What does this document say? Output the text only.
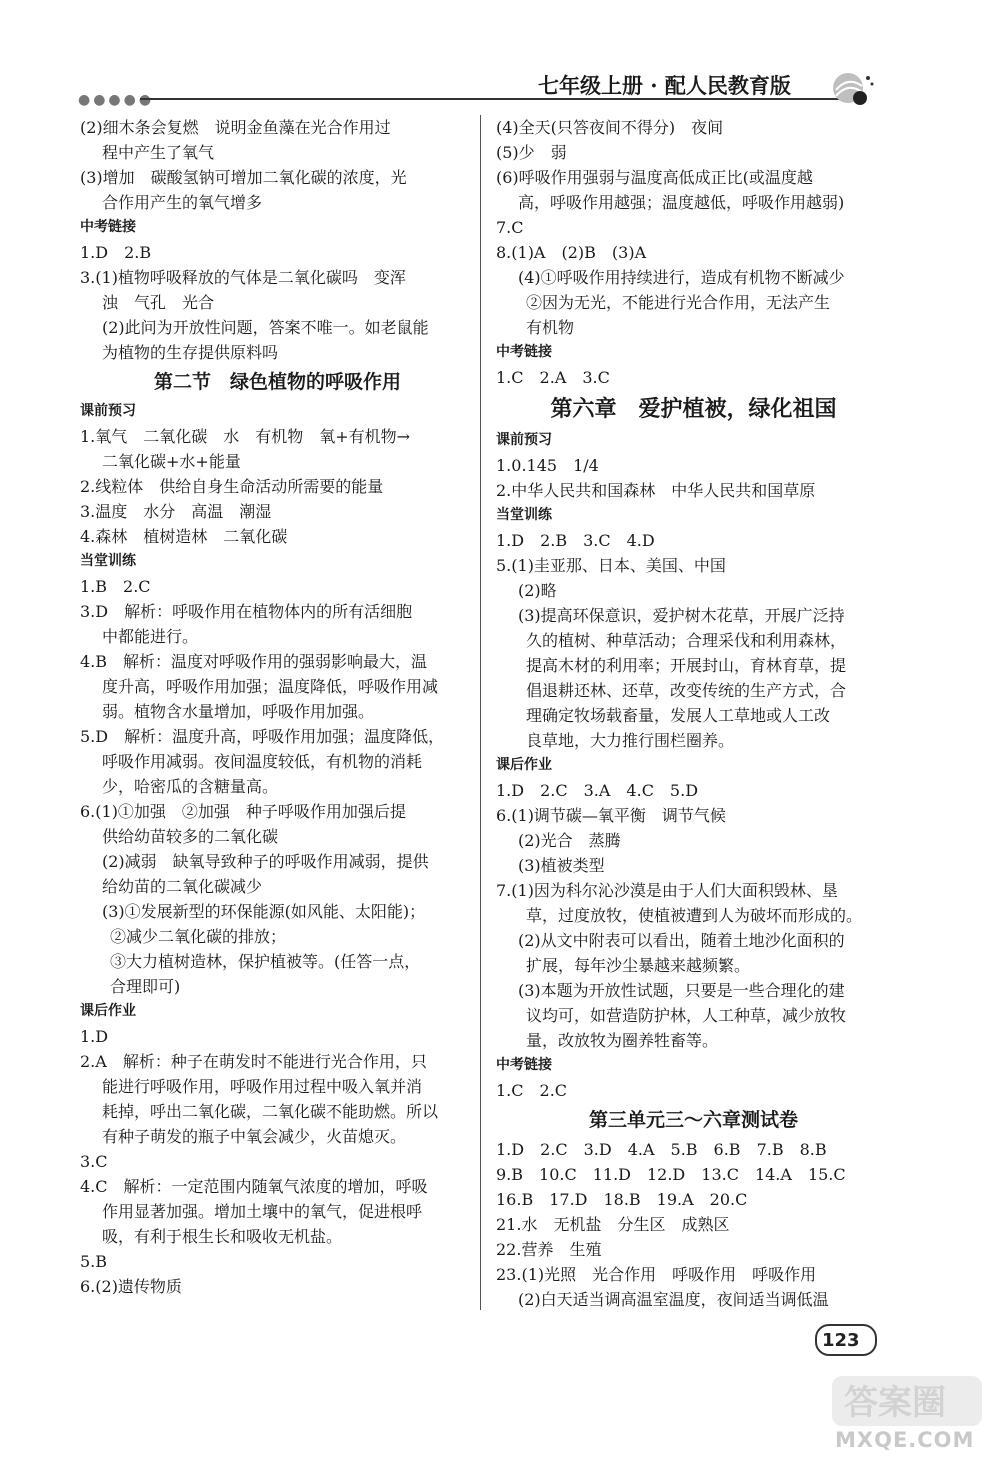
●●●●●
七年级上册 · 配人民教育版
(2)细木条会复燃　说明金鱼藻在光合作用过
程中产生了氧气
(3)增加　碳酸氢钠可增加二氧化碳的浓度，光
合作用产生的氧气增多
中考链接
1.D　2.B
3.(1)植物呼吸释放的气体是二氧化碳吗　变浑
浊　气孔　光合
(2)此问为开放性问题，答案不唯一。如老鼠能
为植物的生存提供原料吗
第二节　绿色植物的呼吸作用
课前预习
1.氧气　二氧化碳　水　有机物　氧+有机物→
二氧化碳+水+能量
2.线粒体　供给自身生命活动所需要的能量
3.温度　水分　高温　潮湿
4.森林　植树造林　二氧化碳
当堂训练
1.B　2.C
3.D　解析：呼吸作用在植物体内的所有活细胞
中都能进行。
4.B　解析：温度对呼吸作用的强弱影响最大，温
度升高，呼吸作用加强；温度降低，呼吸作用减
弱。植物含水量增加，呼吸作用加强。
5.D　解析：温度升高，呼吸作用加强；温度降低，
呼吸作用减弱。夜间温度较低，有机物的消耗
少，哈密瓜的含糖量高。
6.(1)①加强　②加强　种子呼吸作用加强后提
供给幼苗较多的二氧化碳
(2)减弱　缺氧导致种子的呼吸作用减弱，提供
给幼苗的二氧化碳减少
(3)①发展新型的环保能源(如风能、太阳能)；
②减少二氧化碳的排放；
③大力植树造林，保护植被等。(任答一点，
合理即可)
课后作业
1.D
2.A　解析：种子在萌发时不能进行光合作用，只
能进行呼吸作用，呼吸作用过程中吸入氧并消
耗掉，呼出二氧化碳，二氧化碳不能助燃。所以
有种子萌发的瓶子中氧会减少，火苗熄灭。
3.C
4.C　解析：一定范围内随氧气浓度的增加，呼吸
作用显著加强。增加土壤中的氧气，促进根呼
吸，有利于根生长和吸收无机盐。
5.B
6.(2)遗传物质
(4)全天(只答夜间不得分)　夜间
(5)少　弱
(6)呼吸作用强弱与温度高低成正比(或温度越
高，呼吸作用越强；温度越低，呼吸作用越弱)
7.C
8.(1)A　(2)B　(3)A
(4)①呼吸作用持续进行，造成有机物不断减少
②因为无光，不能进行光合作用，无法产生
有机物
中考链接
1.C　2.A　3.C
第六章　爱护植被，绿化祖国
课前预习
1.0.145　1/4
2.中华人民共和国森林　中华人民共和国草原
当堂训练
1.D　2.B　3.C　4.D
5.(1)圭亚那、日本、美国、中国
(2)略
(3)提高环保意识，爱护树木花草，开展广泛持
久的植树、种草活动；合理采伐和利用森林，
提高木材的利用率；开展封山，育林育草，提
倡退耕还林、还草，改变传统的生产方式，合
理确定牧场载畜量，发展人工草地或人工改
良草地，大力推行围栏圈养。
课后作业
1.D　2.C　3.A　4.C　5.D
6.(1)调节碳—氧平衡　调节气候
(2)光合　蒸腾
(3)植被类型
7.(1)因为科尔沁沙漠是由于人们大面积毁林、垦
草，过度放牧，使植被遭到人为破坏而形成的。
(2)从文中附表可以看出，随着土地沙化面积的
扩展，每年沙尘暴越来越频繁。
(3)本题为开放性试题，只要是一些合理化的建
议均可，如营造防护林，人工种草，减少放牧
量，改放牧为圈养牲畜等。
中考链接
1.C　2.C
第三单元三～六章测试卷
1.D　2.C　3.D　4.A　5.B　6.B　7.B　8.B
9.B　10.C　11.D　12.D　13.C　14.A　15.C
16.B　17.D　18.B　19.A　20.C
21.水　无机盐　分生区　成熟区
22.营养　生殖
23.(1)光照　光合作用　呼吸作用　呼吸作用
(2)白天适当调高温室温度，夜间适当调低温
123
答案圈
MXQE.COM
